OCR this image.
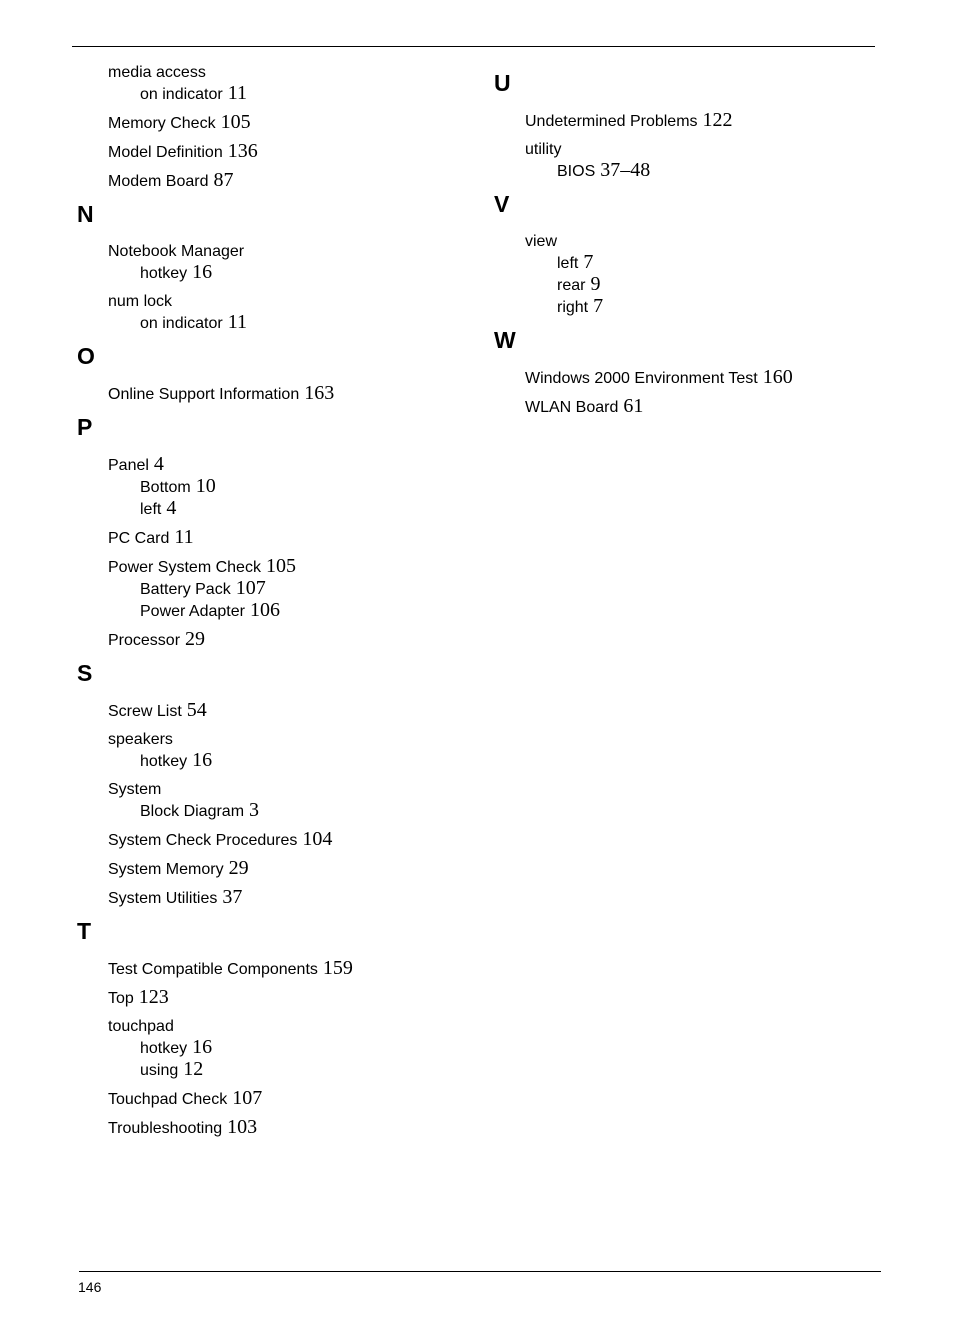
media access
on indicator 11
Memory Check 105
Model Definition 136
Modem Board 87
N
Notebook Manager
hotkey 16
num lock
on indicator 11
O
Online Support Information 163
P
Panel 4
Bottom 10
left 4
PC Card 11
Power System Check 105
Battery Pack 107
Power Adapter 106
Processor 29
S
Screw List 54
speakers
hotkey 16
System
Block Diagram 3
System Check Procedures 104
System Memory 29
System Utilities 37
T
Test Compatible Components 159
Top 123
touchpad
hotkey 16
using 12
Touchpad Check 107
Troubleshooting 103
U
Undetermined Problems 122
utility
BIOS 37–48
V
view
left 7
rear 9
right 7
W
Windows 2000 Environment Test 160
WLAN Board 61
146
